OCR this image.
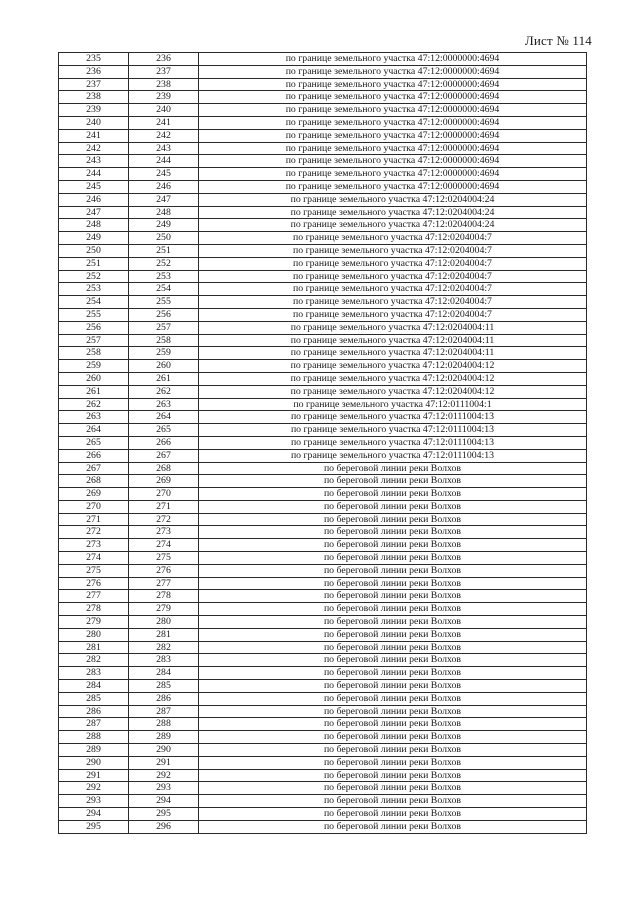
Лист № 114
235	236	по границе земельного участка 47:12:0000000:4694
236	237	по границе земельного участка 47:12:0000000:4694
237	238	по границе земельного участка 47:12:0000000:4694
238	239	по границе земельного участка 47:12:0000000:4694
239	240	по границе земельного участка 47:12:0000000:4694
240	241	по границе земельного участка 47:12:0000000:4694
241	242	по границе земельного участка 47:12:0000000:4694
242	243	по границе земельного участка 47:12:0000000:4694
243	244	по границе земельного участка 47:12:0000000:4694
244	245	по границе земельного участка 47:12:0000000:4694
245	246	по границе земельного участка 47:12:0000000:4694
246	247	по границе земельного участка 47:12:0204004:24
247	248	по границе земельного участка 47:12:0204004:24
248	249	по границе земельного участка 47:12:0204004:24
249	250	по границе земельного участка 47:12:0204004:7
250	251	по границе земельного участка 47:12:0204004:7
251	252	по границе земельного участка 47:12:0204004:7
252	253	по границе земельного участка 47:12:0204004:7
253	254	по границе земельного участка 47:12:0204004:7
254	255	по границе земельного участка 47:12:0204004:7
255	256	по границе земельного участка 47:12:0204004:7
256	257	по границе земельного участка 47:12:0204004:11
257	258	по границе земельного участка 47:12:0204004:11
258	259	по границе земельного участка 47:12:0204004:11
259	260	по границе земельного участка 47:12:0204004:12
260	261	по границе земельного участка 47:12:0204004:12
261	262	по границе земельного участка 47:12:0204004:12
262	263	по границе земельного участка 47:12:0111004:1
263	264	по границе земельного участка 47:12:0111004:13
264	265	по границе земельного участка 47:12:0111004:13
265	266	по границе земельного участка 47:12:0111004:13
266	267	по границе земельного участка 47:12:0111004:13
267	268	по береговой линии реки Волхов
268	269	по береговой линии реки Волхов
269	270	по береговой линии реки Волхов
270	271	по береговой линии реки Волхов
271	272	по береговой линии реки Волхов
272	273	по береговой линии реки Волхов
273	274	по береговой линии реки Волхов
274	275	по береговой линии реки Волхов
275	276	по береговой линии реки Волхов
276	277	по береговой линии реки Волхов
277	278	по береговой линии реки Волхов
278	279	по береговой линии реки Волхов
279	280	по береговой линии реки Волхов
280	281	по береговой линии реки Волхов
281	282	по береговой линии реки Волхов
282	283	по береговой линии реки Волхов
283	284	по береговой линии реки Волхов
284	285	по береговой линии реки Волхов
285	286	по береговой линии реки Волхов
286	287	по береговой линии реки Волхов
287	288	по береговой линии реки Волхов
288	289	по береговой линии реки Волхов
289	290	по береговой линии реки Волхов
290	291	по береговой линии реки Волхов
291	292	по береговой линии реки Волхов
292	293	по береговой линии реки Волхов
293	294	по береговой линии реки Волхов
294	295	по береговой линии реки Волхов
295	296	по береговой линии реки Волхов
